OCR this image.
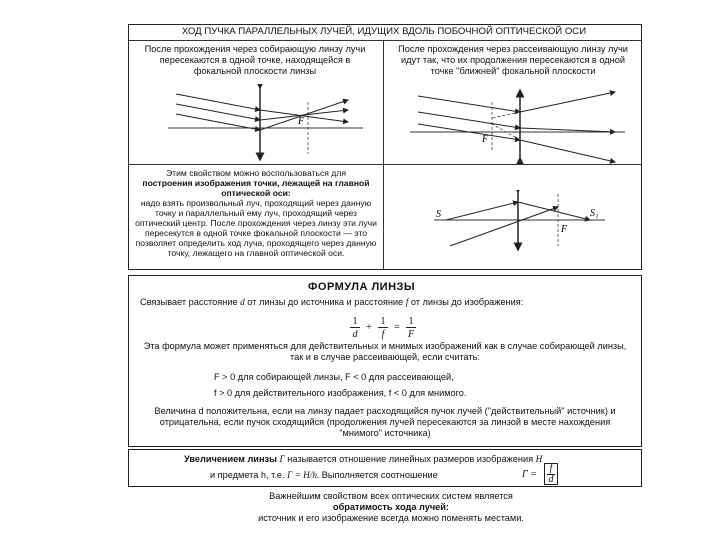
ХОД ПУЧКА ПАРАЛЛЕЛЬНЫХ ЛУЧЕЙ, ИДУЩИХ ВДОЛЬ ПОБОЧНОЙ ОПТИЧЕСКОЙ ОСИ
После прохождения через собирающую линзу лучи пересекаются в одной точке, находящейся в фокальной плоскости линзы
После прохождения через рассеивающую линзу лучи идут так, что их продолжения пересекаются в одной точке "ближней" фокальной плоскости
F
F
Этим свойством можно воспользоваться для
построения изображения точки, лежащей на главной оптической оси:
надо взять произвольный луч, проходящий через данную точку и параллельный ему луч, проходящий через оптический центр. После прохождения через линзу эти лучи пересекутся в одной точке фокальной плоскости — это позволяет определить ход луча, проходящего через данную точку, лежащего на главной оптической оси.
S	S₁
F
ФОРМУЛА ЛИНЗЫ
Связывает расстояние d от линзы до источника и расстояние f от линзы до изображения:
1
d
+
1
f
=
1
F
Эта формула может применяться для действительных и мнимых изображений как в случае собирающей линзы, так и в случае рассеивающей, если считать:
F > 0 для собирающей линзы, F < 0 для рассеивающей,
f > 0 для действительного изображения, f < 0 для мнимого.
Величина d положительна, если на линзу падает расходящийся пучок лучей ("действительный" источник) и отрицательна, если пучок сходящийся (продолжения лучей пересекаются за линзой в месте нахождения "мнимого" источника)
Увеличением линзы Г называется отношение линейных размеров изображения H
и предмета h, т.е. Г = H/h. Выполняется соотношение	Г =
f
d
Важнейшим свойством всех оптических систем является
обратимость хода лучей:
источник и его изображение всегда можно поменять местами.
